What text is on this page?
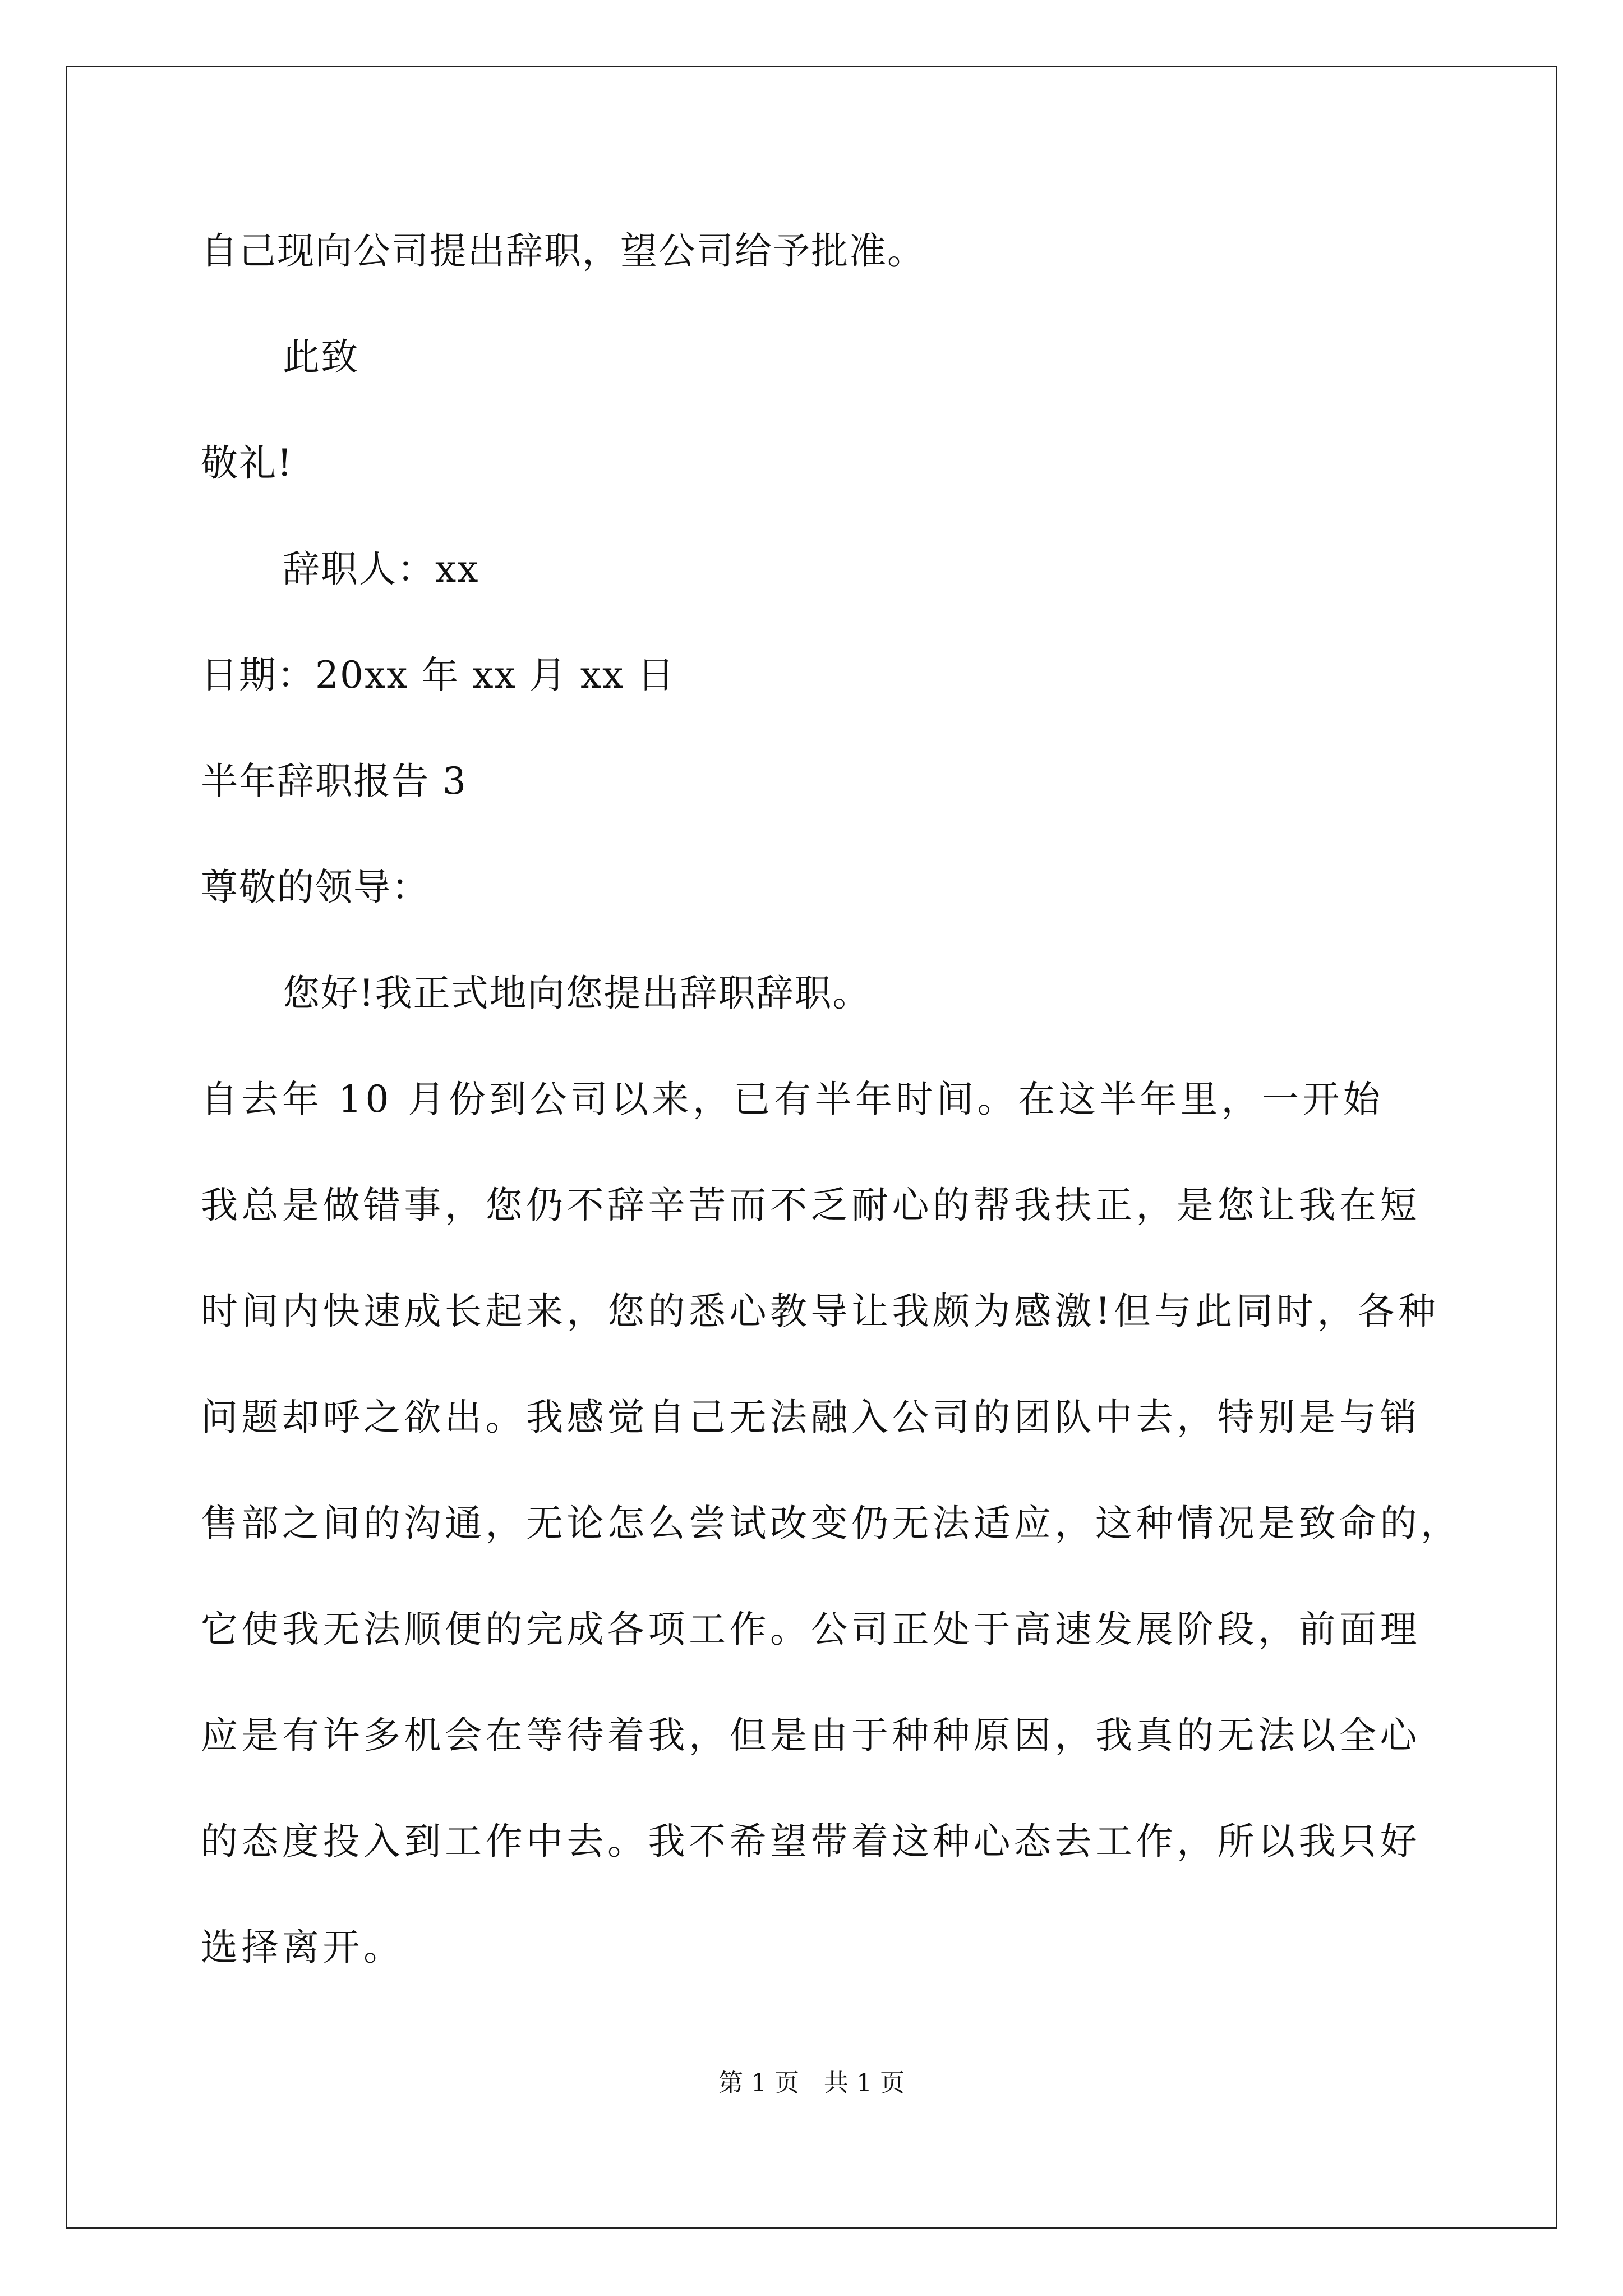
自己现向公司提出辞职，望公司给予批准。
此致
敬礼!
辞职人：xx
日期：20xx 年 xx 月 xx 日
半年辞职报告 3
尊敬的领导：
您好!我正式地向您提出辞职辞职。
自去年 10 月份到公司以来，已有半年时间。在这半年里，一开始
我总是做错事，您仍不辞辛苦而不乏耐心的帮我扶正，是您让我在短
时间内快速成长起来，您的悉心教导让我颇为感激!但与此同时，各种
问题却呼之欲出。我感觉自己无法融入公司的团队中去，特别是与销
售部之间的沟通，无论怎么尝试改变仍无法适应，这种情况是致命的，
它使我无法顺便的完成各项工作。公司正处于高速发展阶段，前面理
应是有许多机会在等待着我，但是由于种种原因，我真的无法以全心
的态度投入到工作中去。我不希望带着这种心态去工作，所以我只好
选择离开。
第 1 页　共 1 页
